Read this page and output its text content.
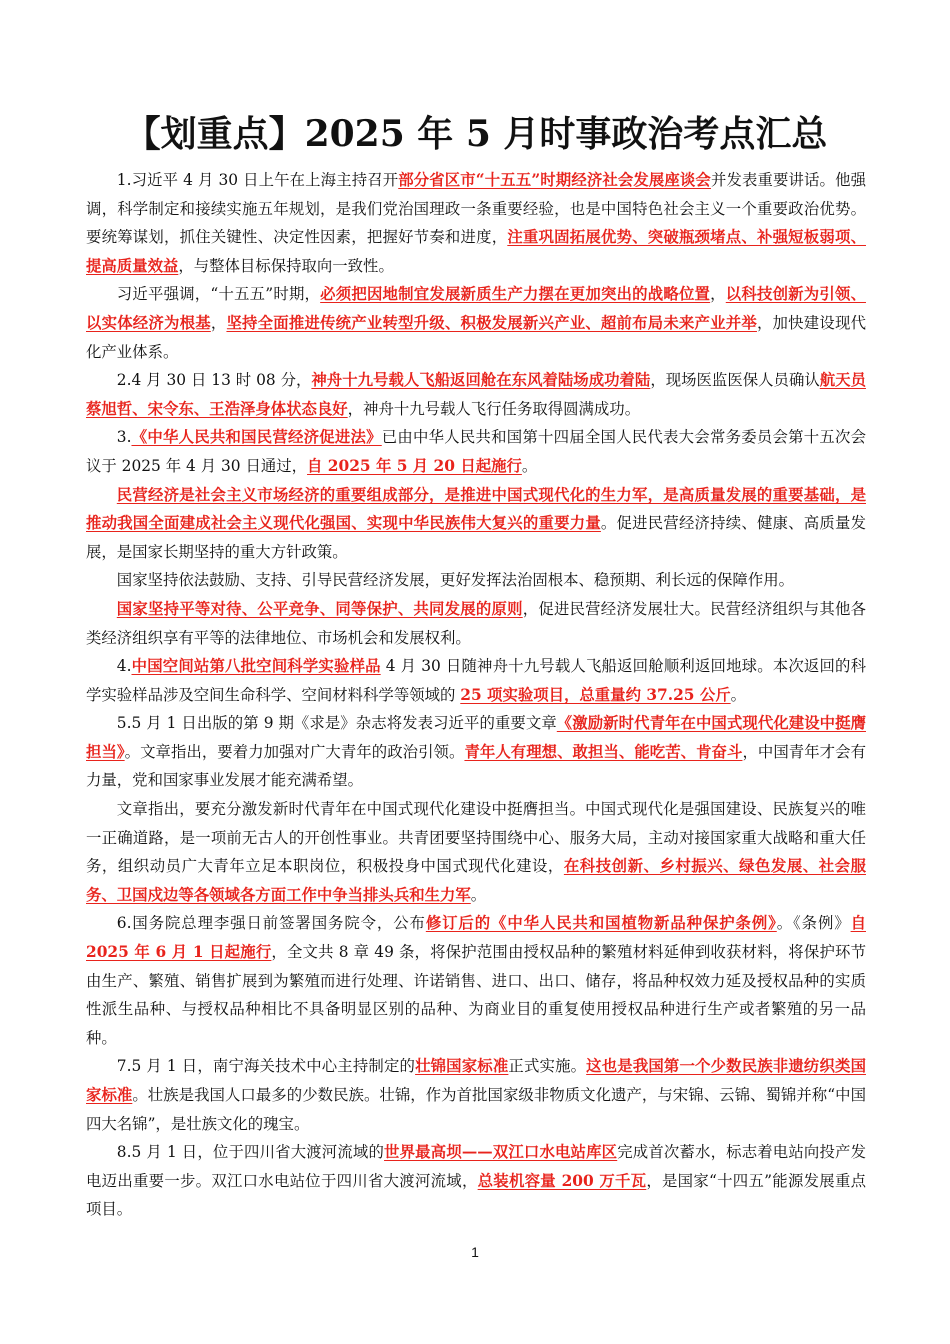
【划重点】2025 年 5 月时事政治考点汇总

1.习近平 4 月 30 日上午在上海主持召开部分省区市“十五五”时期经济社会发展座谈会并发表重要讲话。他强调，科学制定和接续实施五年规划，是我们党治国理政一条重要经验，也是中国特色社会主义一个重要政治优势。要统筹谋划，抓住关键性、决定性因素，把握好节奏和进度，注重巩固拓展优势、突破瓶颈堵点、补强短板弱项、提高质量效益，与整体目标保持取向一致性。

习近平强调，“十五五”时期，必须把因地制宜发展新质生产力摆在更加突出的战略位置，以科技创新为引领、以实体经济为根基，坚持全面推进传统产业转型升级、积极发展新兴产业、超前布局未来产业并举，加快建设现代化产业体系。

2.4 月 30 日 13 时 08 分，神舟十九号载人飞船返回舱在东风着陆场成功着陆，现场医监医保人员确认航天员蔡旭哲、宋令东、王浩泽身体状态良好，神舟十九号载人飞行任务取得圆满成功。

3.《中华人民共和国民营经济促进法》已由中华人民共和国第十四届全国人民代表大会常务委员会第十五次会议于 2025 年 4 月 30 日通过，自 2025 年 5 月 20 日起施行。

民营经济是社会主义市场经济的重要组成部分，是推进中国式现代化的生力军，是高质量发展的重要基础，是推动我国全面建成社会主义现代化强国、实现中华民族伟大复兴的重要力量。促进民营经济持续、健康、高质量发展，是国家长期坚持的重大方针政策。

国家坚持依法鼓励、支持、引导民营经济发展，更好发挥法治固根本、稳预期、利长远的保障作用。

国家坚持平等对待、公平竞争、同等保护、共同发展的原则，促进民营经济发展壮大。民营经济组织与其他各类经济组织享有平等的法律地位、市场机会和发展权利。

4.中国空间站第八批空间科学实验样品 4 月 30 日随神舟十九号载人飞船返回舱顺利返回地球。本次返回的科学实验样品涉及空间生命科学、空间材料科学等领域的 25 项实验项目，总重量约 37.25 公斤。

5.5 月 1 日出版的第 9 期《求是》杂志将发表习近平的重要文章《激励新时代青年在中国式现代化建设中挺膺担当》。文章指出，要着力加强对广大青年的政治引领。青年人有理想、敢担当、能吃苦、肯奋斗，中国青年才会有力量，党和国家事业发展才能充满希望。

文章指出，要充分激发新时代青年在中国式现代化建设中挺膺担当。中国式现代化是强国建设、民族复兴的唯一正确道路，是一项前无古人的开创性事业。共青团要坚持围绕中心、服务大局，主动对接国家重大战略和重大任务，组织动员广大青年立足本职岗位，积极投身中国式现代化建设，在科技创新、乡村振兴、绿色发展、社会服务、卫国戍边等各领域各方面工作中争当排头兵和生力军。

6.国务院总理李强日前签署国务院令，公布修订后的《中华人民共和国植物新品种保护条例》。《条例》自 2025 年 6 月 1 日起施行，全文共 8 章 49 条，将保护范围由授权品种的繁殖材料延伸到收获材料，将保护环节由生产、繁殖、销售扩展到为繁殖而进行处理、许诺销售、进口、出口、储存，将品种权效力延及授权品种的实质性派生品种、与授权品种相比不具备明显区别的品种、为商业目的重复使用授权品种进行生产或者繁殖的另一品种。

7.5 月 1 日，南宁海关技术中心主持制定的壮锦国家标准正式实施。这也是我国第一个少数民族非遗纺织类国家标准。壮族是我国人口最多的少数民族。壮锦，作为首批国家级非物质文化遗产，与宋锦、云锦、蜀锦并称“中国四大名锦”，是壮族文化的瑰宝。

8.5 月 1 日，位于四川省大渡河流域的世界最高坝——双江口水电站库区完成首次蓄水，标志着电站向投产发电迈出重要一步。双江口水电站位于四川省大渡河流域，总装机容量 200 万千瓦，是国家“十四五”能源发展重点项目。

1
